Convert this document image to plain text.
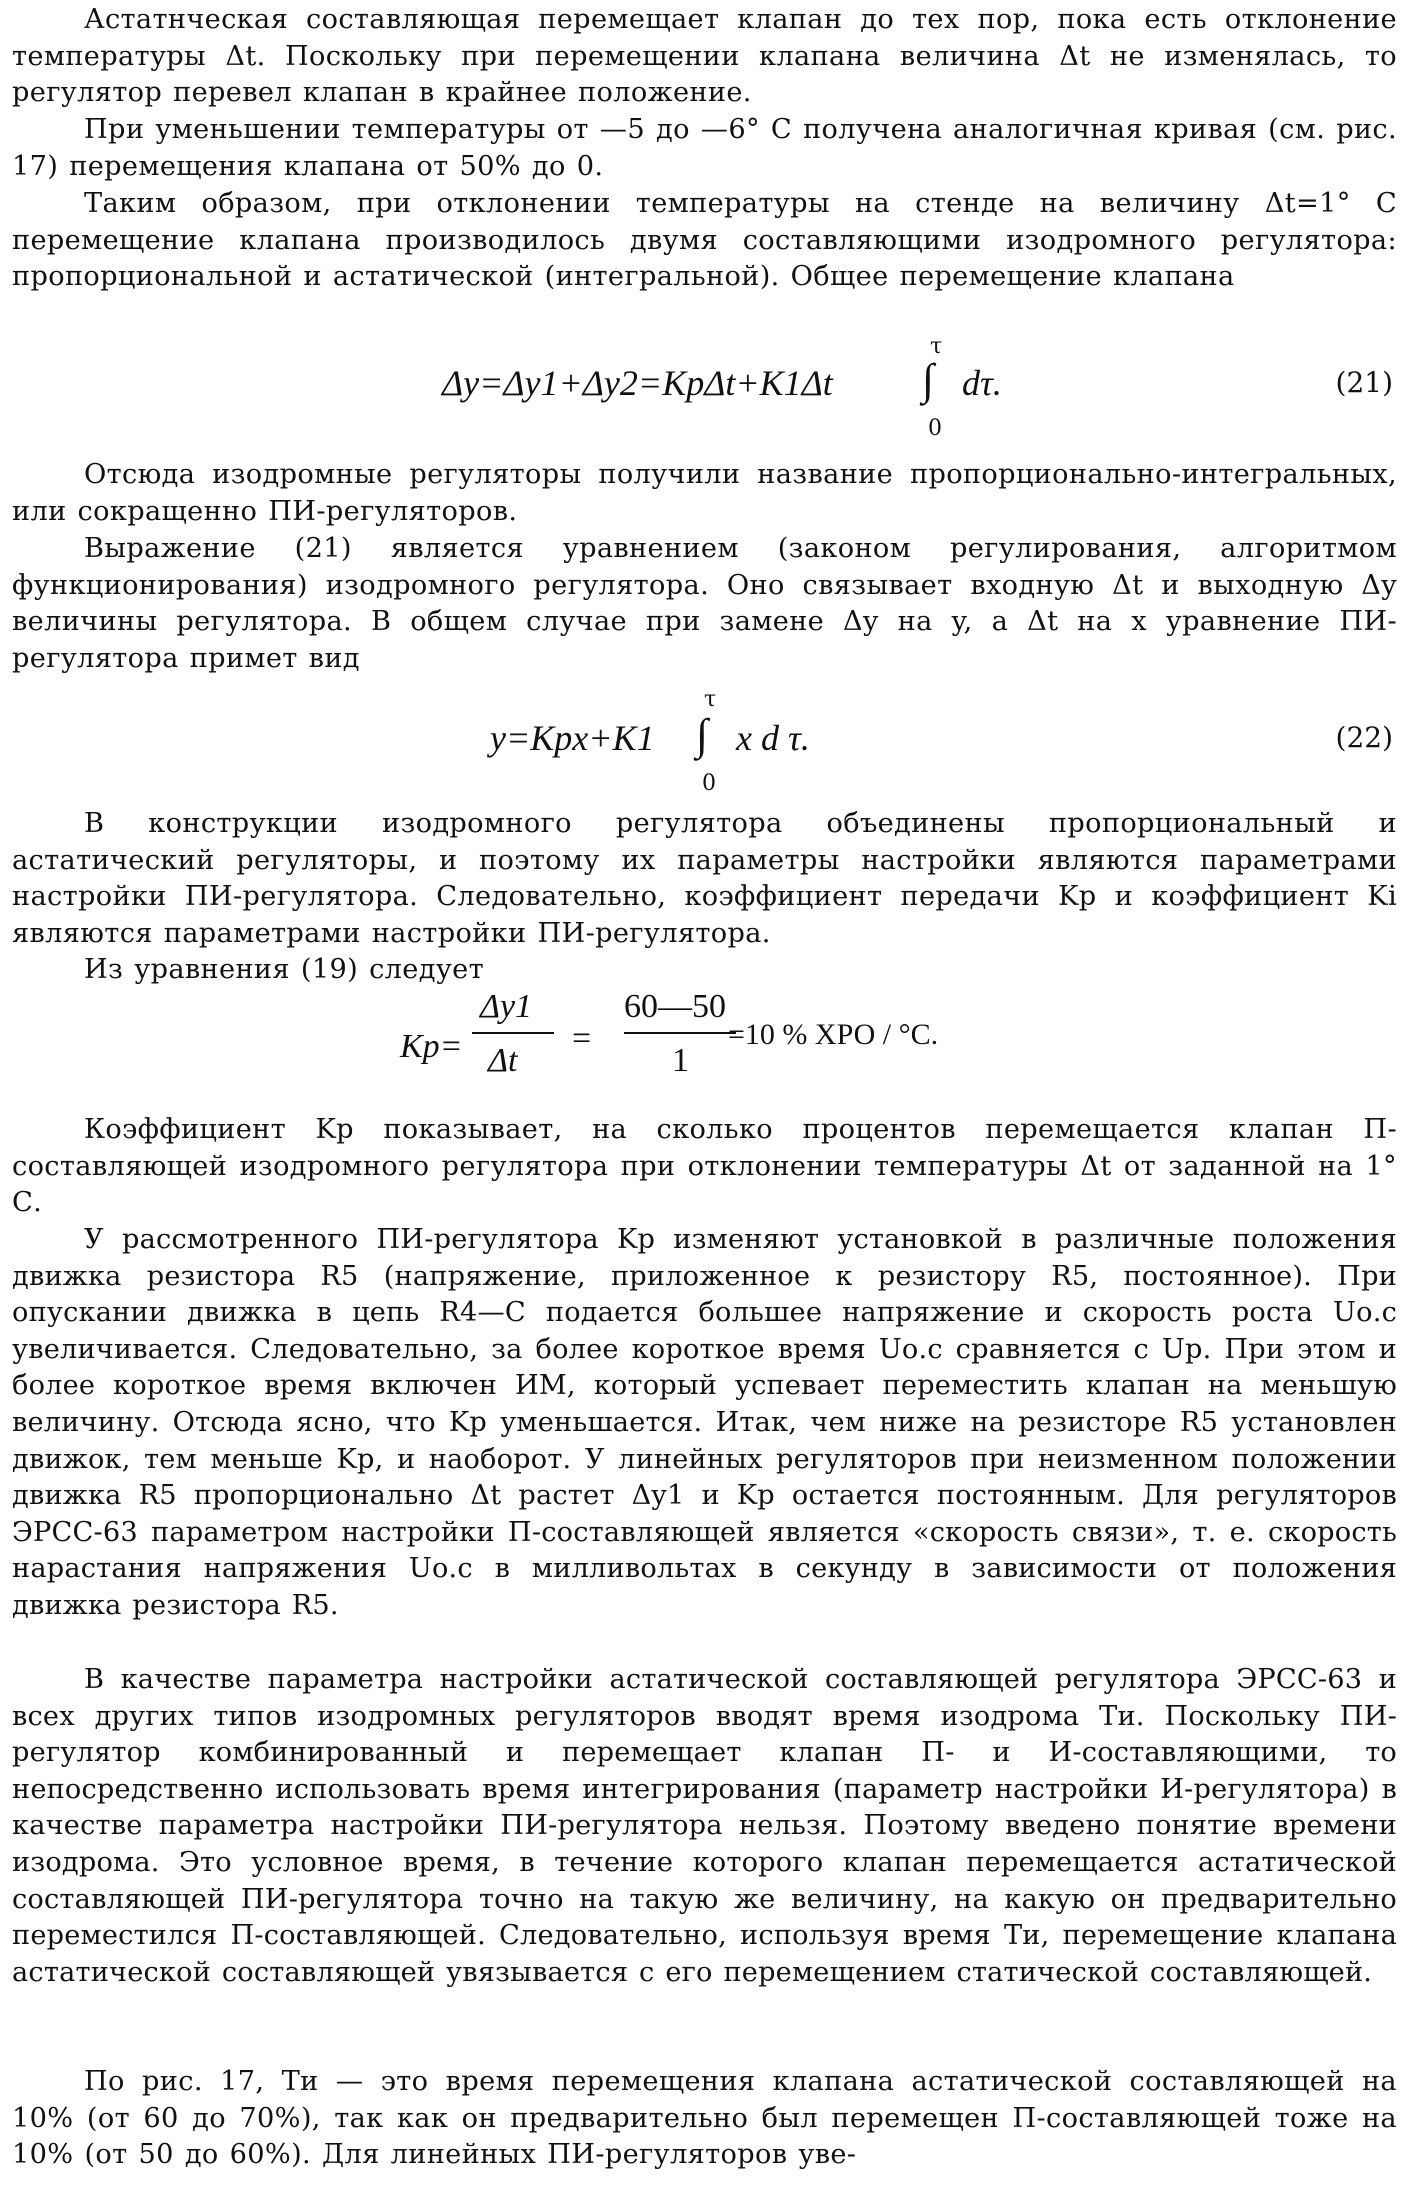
Астатнческая составляющая перемещает клапан до тех пор, пока есть отклонение температуры Δt. Поскольку при перемещении клапана величина Δt не изменялась, то регулятор перевел клапан в крайнее положение.

При уменьшении температуры от —5 до —6° С получена аналогичная кривая (см. рис. 17) перемещения клапана от 50% до 0.

Таким образом, при отклонении температуры на стенде на величину Δt=1° С перемещение клапана производилось двумя составляющими изодромного регулятора: пропорциональной и астатической (интегральной). Общее перемещение клапана

Δy=Δy1+Δy2=KрΔt+K1Δt
τ
∫
0
dτ.	(21)

Отсюда изодромные регуляторы получили название пропорционально-интегральных, или сокращенно ПИ-регуляторов.

Выражение (21) является уравнением (законом регулирования, алгоритмом функционирования) изодромного регулятора. Оно связывает входную Δt и выходную Δy величины регулятора. В общем случае при замене Δy на y, а Δt на x уравнение ПИ-регулятора примет вид

y=Kрx+K1
τ
∫
0
x d τ.	(22)

В конструкции изодромного регулятора объединены пропорциональный и астатический регуляторы, и поэтому их параметры настройки являются параметрами настройки ПИ-регулятора. Следовательно, коэффициент передачи Kр и коэффициент Kі являются параметрами настройки ПИ-регулятора.

Из уравнения (19) следует

Kр=
Δy1
Δt
=
60—50
1
=10 % ХРО / °С.

Коэффициент Kр показывает, на сколько процентов перемещается клапан П-составляющей изодромного регулятора при отклонении температуры Δt от заданной на 1° С.

У рассмотренного ПИ-регулятора Kр изменяют установкой в различные положения движка резистора R5 (напряжение, приложенное к резистору R5, постоянное). При опускании движка в цепь R4—C подается большее напряжение и скорость роста Uо.с увеличивается. Следовательно, за более короткое время Uо.с сравняется с Uр. При этом и более короткое время включен ИМ, который успевает переместить клапан на меньшую величину. Отсюда ясно, что Kр уменьшается. Итак, чем ниже на резисторе R5 установлен движок, тем меньше Kр, и наоборот. У линейных регуляторов при неизменном положении движка R5 пропорционально Δt растет Δy1 и Kр остается постоянным. Для регуляторов ЭРСС-63 параметром настройки П-составляющей является «скорость связи», т. е. скорость нарастания напряжения Uо.с в милливольтах в секунду в зависимости от положения движка резистора R5.

В качестве параметра настройки астатической составляющей регулятора ЭРСС-63 и всех других типов изодромных регуляторов вводят время изодрома Tи. Поскольку ПИ-регулятор комбинированный и перемещает клапан П- и И-составляющими, то непосредственно использовать время интегрирования (параметр настройки И-регулятора) в качестве параметра настройки ПИ-регулятора нельзя. Поэтому введено понятие времени изодрома. Это условное время, в течение которого клапан перемещается астатической составляющей ПИ-регулятора точно на такую же величину, на какую он предварительно переместился П-составляющей. Следовательно, используя время Tи, перемещение клапана астатической составляющей увязывается с его перемещением статической составляющей.

По рис. 17, Tи — это время перемещения клапана астатической составляющей на 10% (от 60 до 70%), так как он предварительно был перемещен П-составляющей тоже на 10% (от 50 до 60%). Для линейных ПИ-регуляторов уве-
